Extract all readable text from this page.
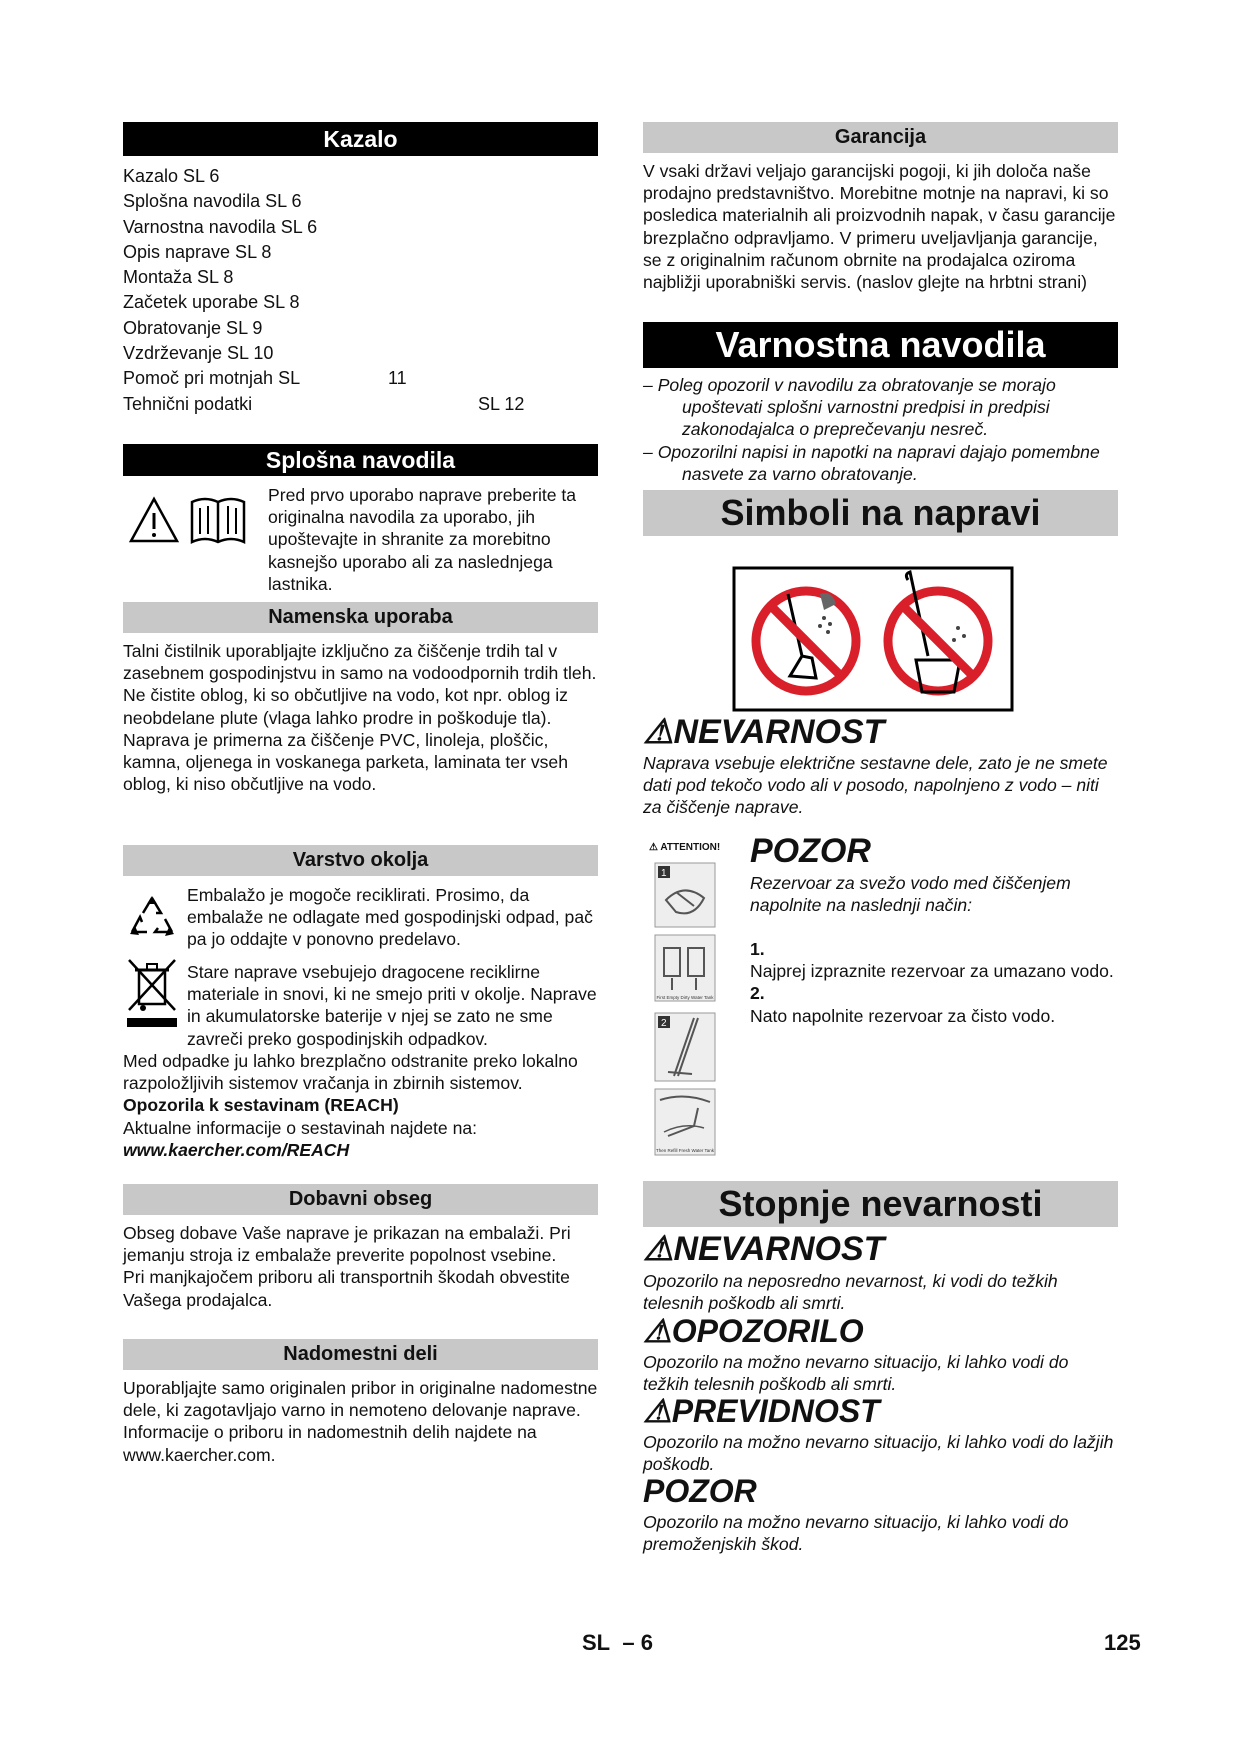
Kazalo
Kazalo SL 6
Splošna navodila SL 6
Varnostna navodila SL 6
Opis naprave SL 8
Montaža SL 8
Začetek uporabe SL 8
Obratovanje SL 9
Vzdrževanje SL 10
Pomoč pri motnjah SL	11
Tehnični podatki	SL 12
Splošna navodila
Pred prvo uporabo naprave preberite ta originalna navodila za uporabo, jih upoštevajte in shranite za morebitno kasnejšo uporabo ali za naslednjega lastnika.
Namenska uporaba
Talni čistilnik uporabljajte izključno za čiščenje trdih tal v zasebnem gospodinjstvu in samo na vodoodpornih trdih tleh.
Ne čistite oblog, ki so občutljive na vodo, kot npr. oblog iz neobdelane plute (vlaga lahko prodre in poškoduje tla).
Naprava je primerna za čiščenje PVC, linoleja, ploščic, kamna, oljenega in voskanega parketa, laminata ter vseh oblog, ki niso občutljive na vodo.
Varstvo okolja
Embalažo je mogoče reciklirati. Prosimo, da embalaže ne odlagate med gospodinjski odpad, pač pa jo oddajte v ponovno predelavo.
Stare naprave vsebujejo dragocene reciklirne materiale in snovi, ki ne smejo priti v okolje. Naprave in akumulatorske baterije v njej se zato ne sme zavreči preko gospodinjskih odpadkov.
Med odpadke ju lahko brezplačno odstranite preko lokalno razpoložljivih sistemov vračanja in zbirnih sistemov.
Opozorila k sestavinam (REACH)
Aktualne informacije o sestavinah najdete na:
www.kaercher.com/REACH
Dobavni obseg
Obseg dobave Vaše naprave je prikazan na embalaži. Pri jemanju stroja iz embalaže preverite popolnost vsebine.
Pri manjkajočem priboru ali transportnih škodah obvestite Vašega prodajalca.
Nadomestni deli
Uporabljajte samo originalen pribor in originalne nadomestne dele, ki zagotavljajo varno in nemoteno delovanje naprave.
Informacije o priboru in nadomestnih delih najdete na www.kaercher.com.
Garancija
V vsaki državi veljajo garancijski pogoji, ki jih določa naše prodajno predstavništvo. Morebitne motnje na napravi, ki so posledica materialnih ali proizvodnih napak, v času garancije brezplačno odpravljamo. V primeru uveljavljanja garancije, se z originalnim računom obrnite na prodajalca oziroma najbližji uporabniški servis. (naslov glejte na hrbtni strani)
Varnostna navodila
– Poleg opozoril v navodilu za obratovanje se morajo upoštevati splošni varnostni predpisi in predpisi zakonodajalca o preprečevanju nesreč.
– Opozorilni napisi in napotki na napravi dajajo pomembne nasvete za varno obratovanje.
Simboli na napravi
⚠NEVARNOST
Naprava vsebuje električne sestavne dele, zato je ne smete dati pod tekočo vodo ali v posodo, napolnjeno z vodo – niti za čiščenje naprave.
⚠ ATTENTION!
1
First Empty Dirty Water Tank
2
Then Refill Fresh Water Tank
POZOR
Rezervoar za svežo vodo med čiščenjem napolnite na naslednji način:
1.
Najprej izpraznite rezervoar za umazano vodo.
2.
Nato napolnite rezervoar za čisto vodo.
Stopnje nevarnosti
⚠NEVARNOST
Opozorilo na neposredno nevarnost, ki vodi do težkih telesnih poškodb ali smrti.
⚠OPOZORILO
Opozorilo na možno nevarno situacijo, ki lahko vodi do težkih telesnih poškodb ali smrti.
⚠PREVIDNOST
Opozorilo na možno nevarno situacijo, ki lahko vodi do lažjih poškodb.
POZOR
Opozorilo na možno nevarno situacijo, ki lahko vodi do premoženjskih škod.
SL – 6	125
